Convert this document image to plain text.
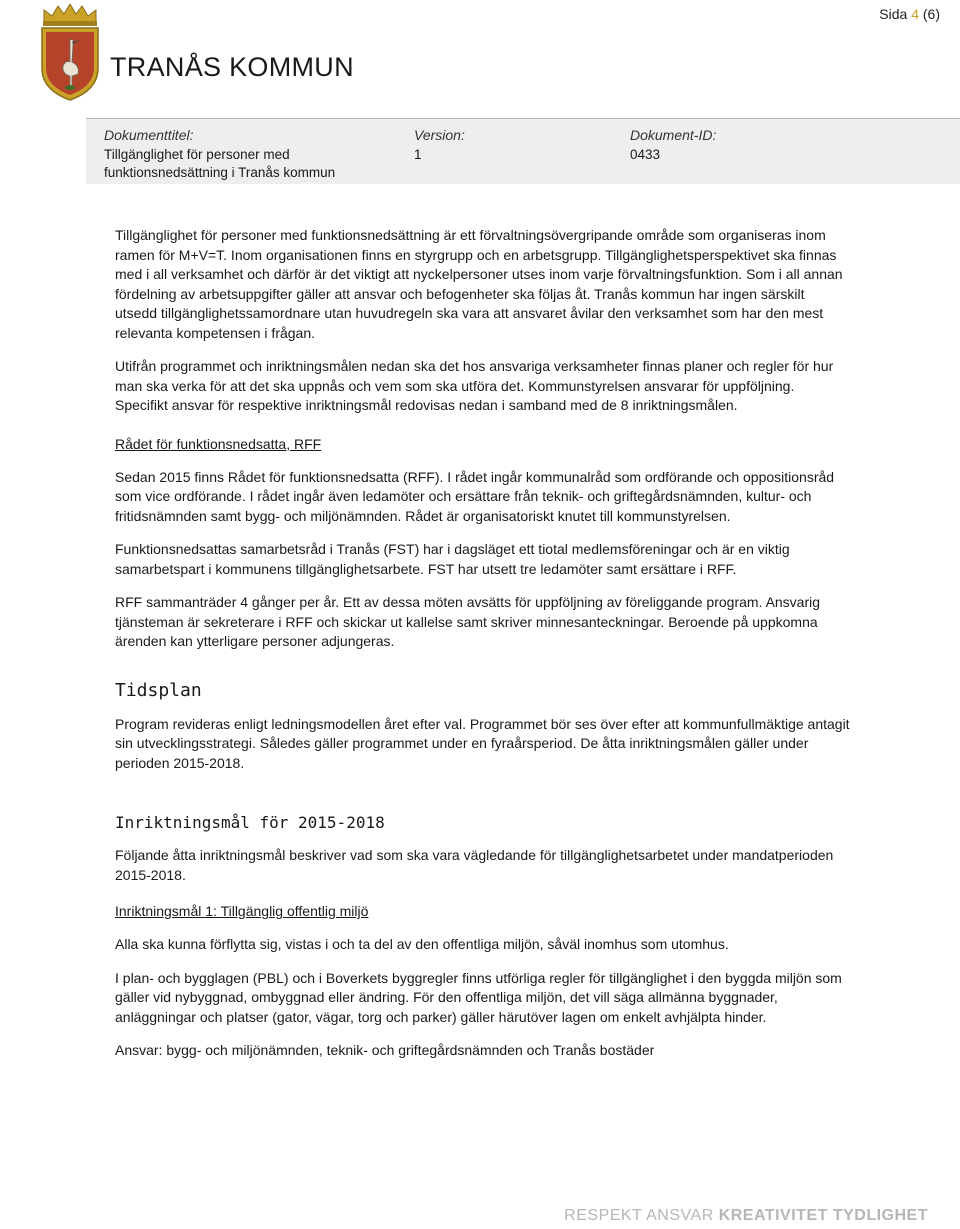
Sida 4 (6)
TRANÅS KOMMUN
Dokumenttitel:
Tillgänglighet för personer med funktionsnedsättning i Tranås kommun
Version:
1
Dokument-ID:
0433

Tillgänglighet för personer med funktionsnedsättning är ett förvaltningsövergripande område som organiseras inom ramen för M+V=T. Inom organisationen finns en styrgrupp och en arbetsgrupp. Tillgänglighetsperspektivet ska finnas med i all verksamhet och därför är det viktigt att nyckelpersoner utses inom varje förvaltningsfunktion. Som i all annan fördelning av arbetsuppgifter gäller att ansvar och befogenheter ska följas åt. Tranås kommun har ingen särskilt utsedd tillgänglighetssamordnare utan huvudregeln ska vara att ansvaret åvilar den verksamhet som har den mest relevanta kompetensen i frågan.

Utifrån programmet och inriktningsmålen nedan ska det hos ansvariga verksamheter finnas planer och regler för hur man ska verka för att det ska uppnås och vem som ska utföra det. Kommunstyrelsen ansvarar för uppföljning. Specifikt ansvar för respektive inriktningsmål redovisas nedan i samband med de 8 inriktningsmålen.

Rådet för funktionsnedsatta, RFF

Sedan 2015 finns Rådet för funktionsnedsatta (RFF). I rådet ingår kommunalråd som ordförande och oppositionsråd som vice ordförande. I rådet ingår även ledamöter och ersättare från teknik- och griftegårdsnämnden, kultur- och fritidsnämnden samt bygg- och miljönämnden. Rådet är organisatoriskt knutet till kommunstyrelsen.

Funktionsnedsattas samarbetsråd i Tranås (FST) har i dagsläget ett tiotal medlemsföreningar och är en viktig samarbetspart i kommunens tillgänglighetsarbete. FST har utsett tre ledamöter samt ersättare i RFF.

RFF sammanträder 4 gånger per år. Ett av dessa möten avsätts för uppföljning av föreliggande program. Ansvarig tjänsteman är sekreterare i RFF och skickar ut kallelse samt skriver minnesanteckningar. Beroende på uppkomna ärenden kan ytterligare personer adjungeras.

Tidsplan

Program revideras enligt ledningsmodellen året efter val. Programmet bör ses över efter att kommunfullmäktige antagit sin utvecklingsstrategi. Således gäller programmet under en fyraårsperiod. De åtta inriktningsmålen gäller under perioden 2015-2018.

Inriktningsmål för 2015-2018

Följande åtta inriktningsmål beskriver vad som ska vara vägledande för tillgänglighetsarbetet under mandatperioden 2015-2018.

Inriktningsmål 1: Tillgänglig offentlig miljö

Alla ska kunna förflytta sig, vistas i och ta del av den offentliga miljön, såväl inomhus som utomhus.

I plan- och bygglagen (PBL) och i Boverkets byggregler finns utförliga regler för tillgänglighet i den byggda miljön som gäller vid nybyggnad, ombyggnad eller ändring. För den offentliga miljön, det vill säga allmänna byggnader, anläggningar och platser (gator, vägar, torg och parker) gäller härutöver lagen om enkelt avhjälpta hinder.

Ansvar: bygg- och miljönämnden, teknik- och griftegårdsnämnden och Tranås bostäder

RESPEKT ANSVAR KREATIVITET TYDLIGHET
